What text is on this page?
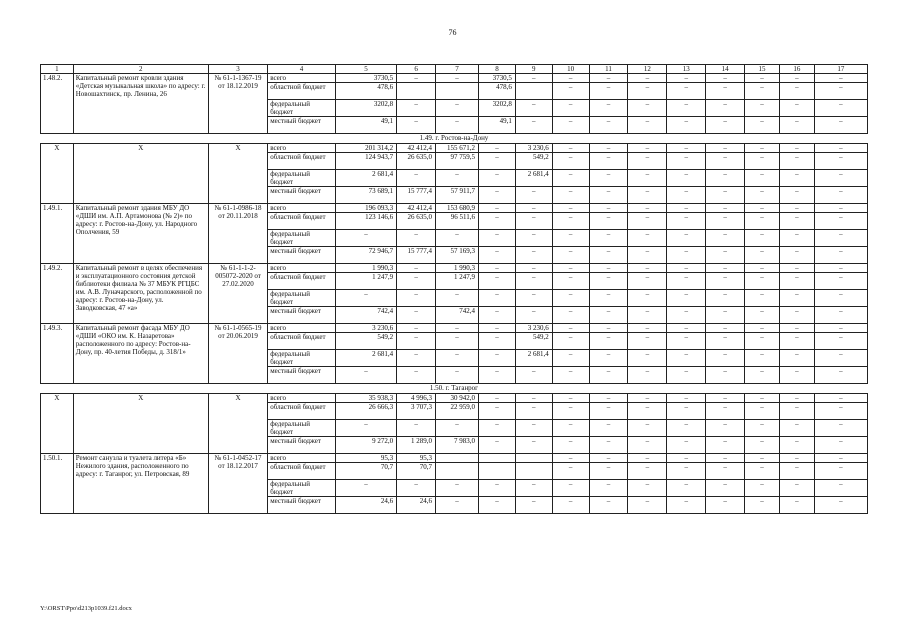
76
1	2	3	4	5	6	7	8	9	10	11	12	13	14	15	16	17
1.48.2.	Капитальный ремонт кровли здания «Детская музыкальная школа» по адресу: г. Новошахтинск, пр. Ленина, 26	№ 61-1-1367-19 от 18.12.2019	всего	3730,5	–	–	3730,5	–	–	–	–	–	–	–	–	–
			областной бюджет	478,6			478,6		–	–	–	–	–	–	–	–
			федеральный бюджет	3202,8	–	–	3202,8	–	–	–	–	–	–	–	–	–
			местный бюджет	49,1	–	–	49,1	–	–	–	–	–	–	–	–	–
1.49. г. Ростов-на-Дону																
Х	Х	Х	всего	201 314,2	42 412,4	155 671,2	–	3 230,6	–	–	–	–	–	–	–	–
			областной бюджет	124 943,7	26 635,0	97 759,5	–	549,2	–	–	–	–	–	–	–	–
			федеральный бюджет	2 681,4	–	–	–	2 681,4	–	–	–	–	–	–	–	–
			местный бюджет	73 689,1	15 777,4	57 911,7	–	–	–	–	–	–	–	–	–	–
1.49.1.	Капитальный ремонт здания МБУ ДО «ДШИ им. А.П. Артамонова (№ 2)» по адресу: г. Ростов-на-Дону, ул. Народного Ополчения, 59	№ 61-1-0986-18 от 20.11.2018	всего	196 093,3	42 412,4	153 680,9	–	–	–	–	–	–	–	–	–	–
			областной бюджет	123 146,6	26 635,0	96 511,6	–	–	–	–	–	–	–	–	–	–
			федеральный бюджет	–	–	–	–	–	–	–	–	–	–	–	–	–
			местный бюджет	72 946,7	15 777,4	57 169,3	–	–	–	–	–	–	–	–	–	–
1.49.2.	Капитальный ремонт в целях обеспечения и эксплуатационного состояния детской библиотеки филиала № 37 МБУК РГЦБС им. А.В. Луначарского, расположенной по адресу: г. Ростов-на-Дону, ул. Заводковская, 47 «а»	№ 61-1-1-2-005072-2020 от 27.02.2020	всего	1 990,3	–	1 990,3	–	–	–	–	–	–	–	–	–	–
			областной бюджет	1 247,9	–	1 247,9	–	–	–	–	–	–	–	–	–	–
			федеральный бюджет	–	–	–	–	–	–	–	–	–	–	–	–	–
			местный бюджет	742,4	–	742,4	–	–	–	–	–	–	–	–	–	–
1.49.3.	Капитальный ремонт фасада МБУ ДО «ДШИ «ОКО им. К. Назаретова» расположенного по адресу: Ростов-на-Дону, пр. 40-летия Победы, д. 318/1»	№ 61-1-0565-19 от 20.06.2019	всего	3 230,6	–	–	–	3 230,6	–	–	–	–	–	–	–	–
			областной бюджет	549,2	–	–	–	549,2	–	–	–	–	–	–	–	–
			федеральный бюджет	2 681,4	–	–	–	2 681,4	–	–	–	–	–	–	–	–
			местный бюджет	–	–	–	–	–	–	–	–	–	–	–	–	–
1.50. г. Таганрог																
Х	Х	Х	всего	35 938,3	4 996,3	30 942,0	–	–	–	–	–	–	–	–	–	–
			областной бюджет	26 666,3	3 707,3	22 959,0	–	–	–	–	–	–	–	–	–	–
			федеральный бюджет	–	–	–	–	–	–	–	–	–	–	–	–	–
			местный бюджет	9 272,0	1 289,0	7 983,0	–	–	–	–	–	–	–	–	–	–
1.50.1.	Ремонт санузла и туалета литера «Б» Нежилого здания, расположенного по адресу: г. Таганрог, ул. Петровская, 89	№ 61-1-0452-17 от 18.12.2017	всего	95,3	95,3				–	–	–	–	–	–	–	–
			областной бюджет	70,7	70,7				–	–	–	–	–	–	–	–
			федеральный бюджет	–	–	–	–	–	–	–	–	–	–	–	–	–
			местный бюджет	24,6	24,6	–	–	–	–	–	–	–	–	–	–	–
Y:\ORST\Ppo\d213p1039.f21.docx
